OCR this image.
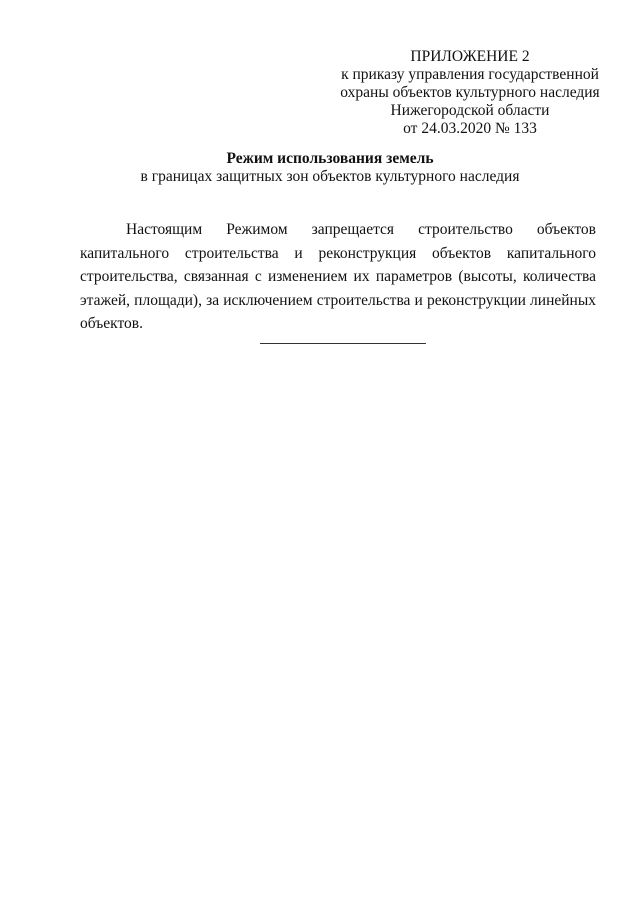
ПРИЛОЖЕНИЕ 2
к приказу управления государственной
охраны объектов культурного наследия
Нижегородской области
от 24.03.2020 № 133
Режим использования земель
в границах защитных зон объектов культурного наследия

Настоящим Режимом запрещается строительство объектов капитального строительства и реконструкция объектов капитального строительства, связанная с изменением их параметров (высоты, количества этажей, площади), за исключением строительства и реконструкции линейных объектов.
